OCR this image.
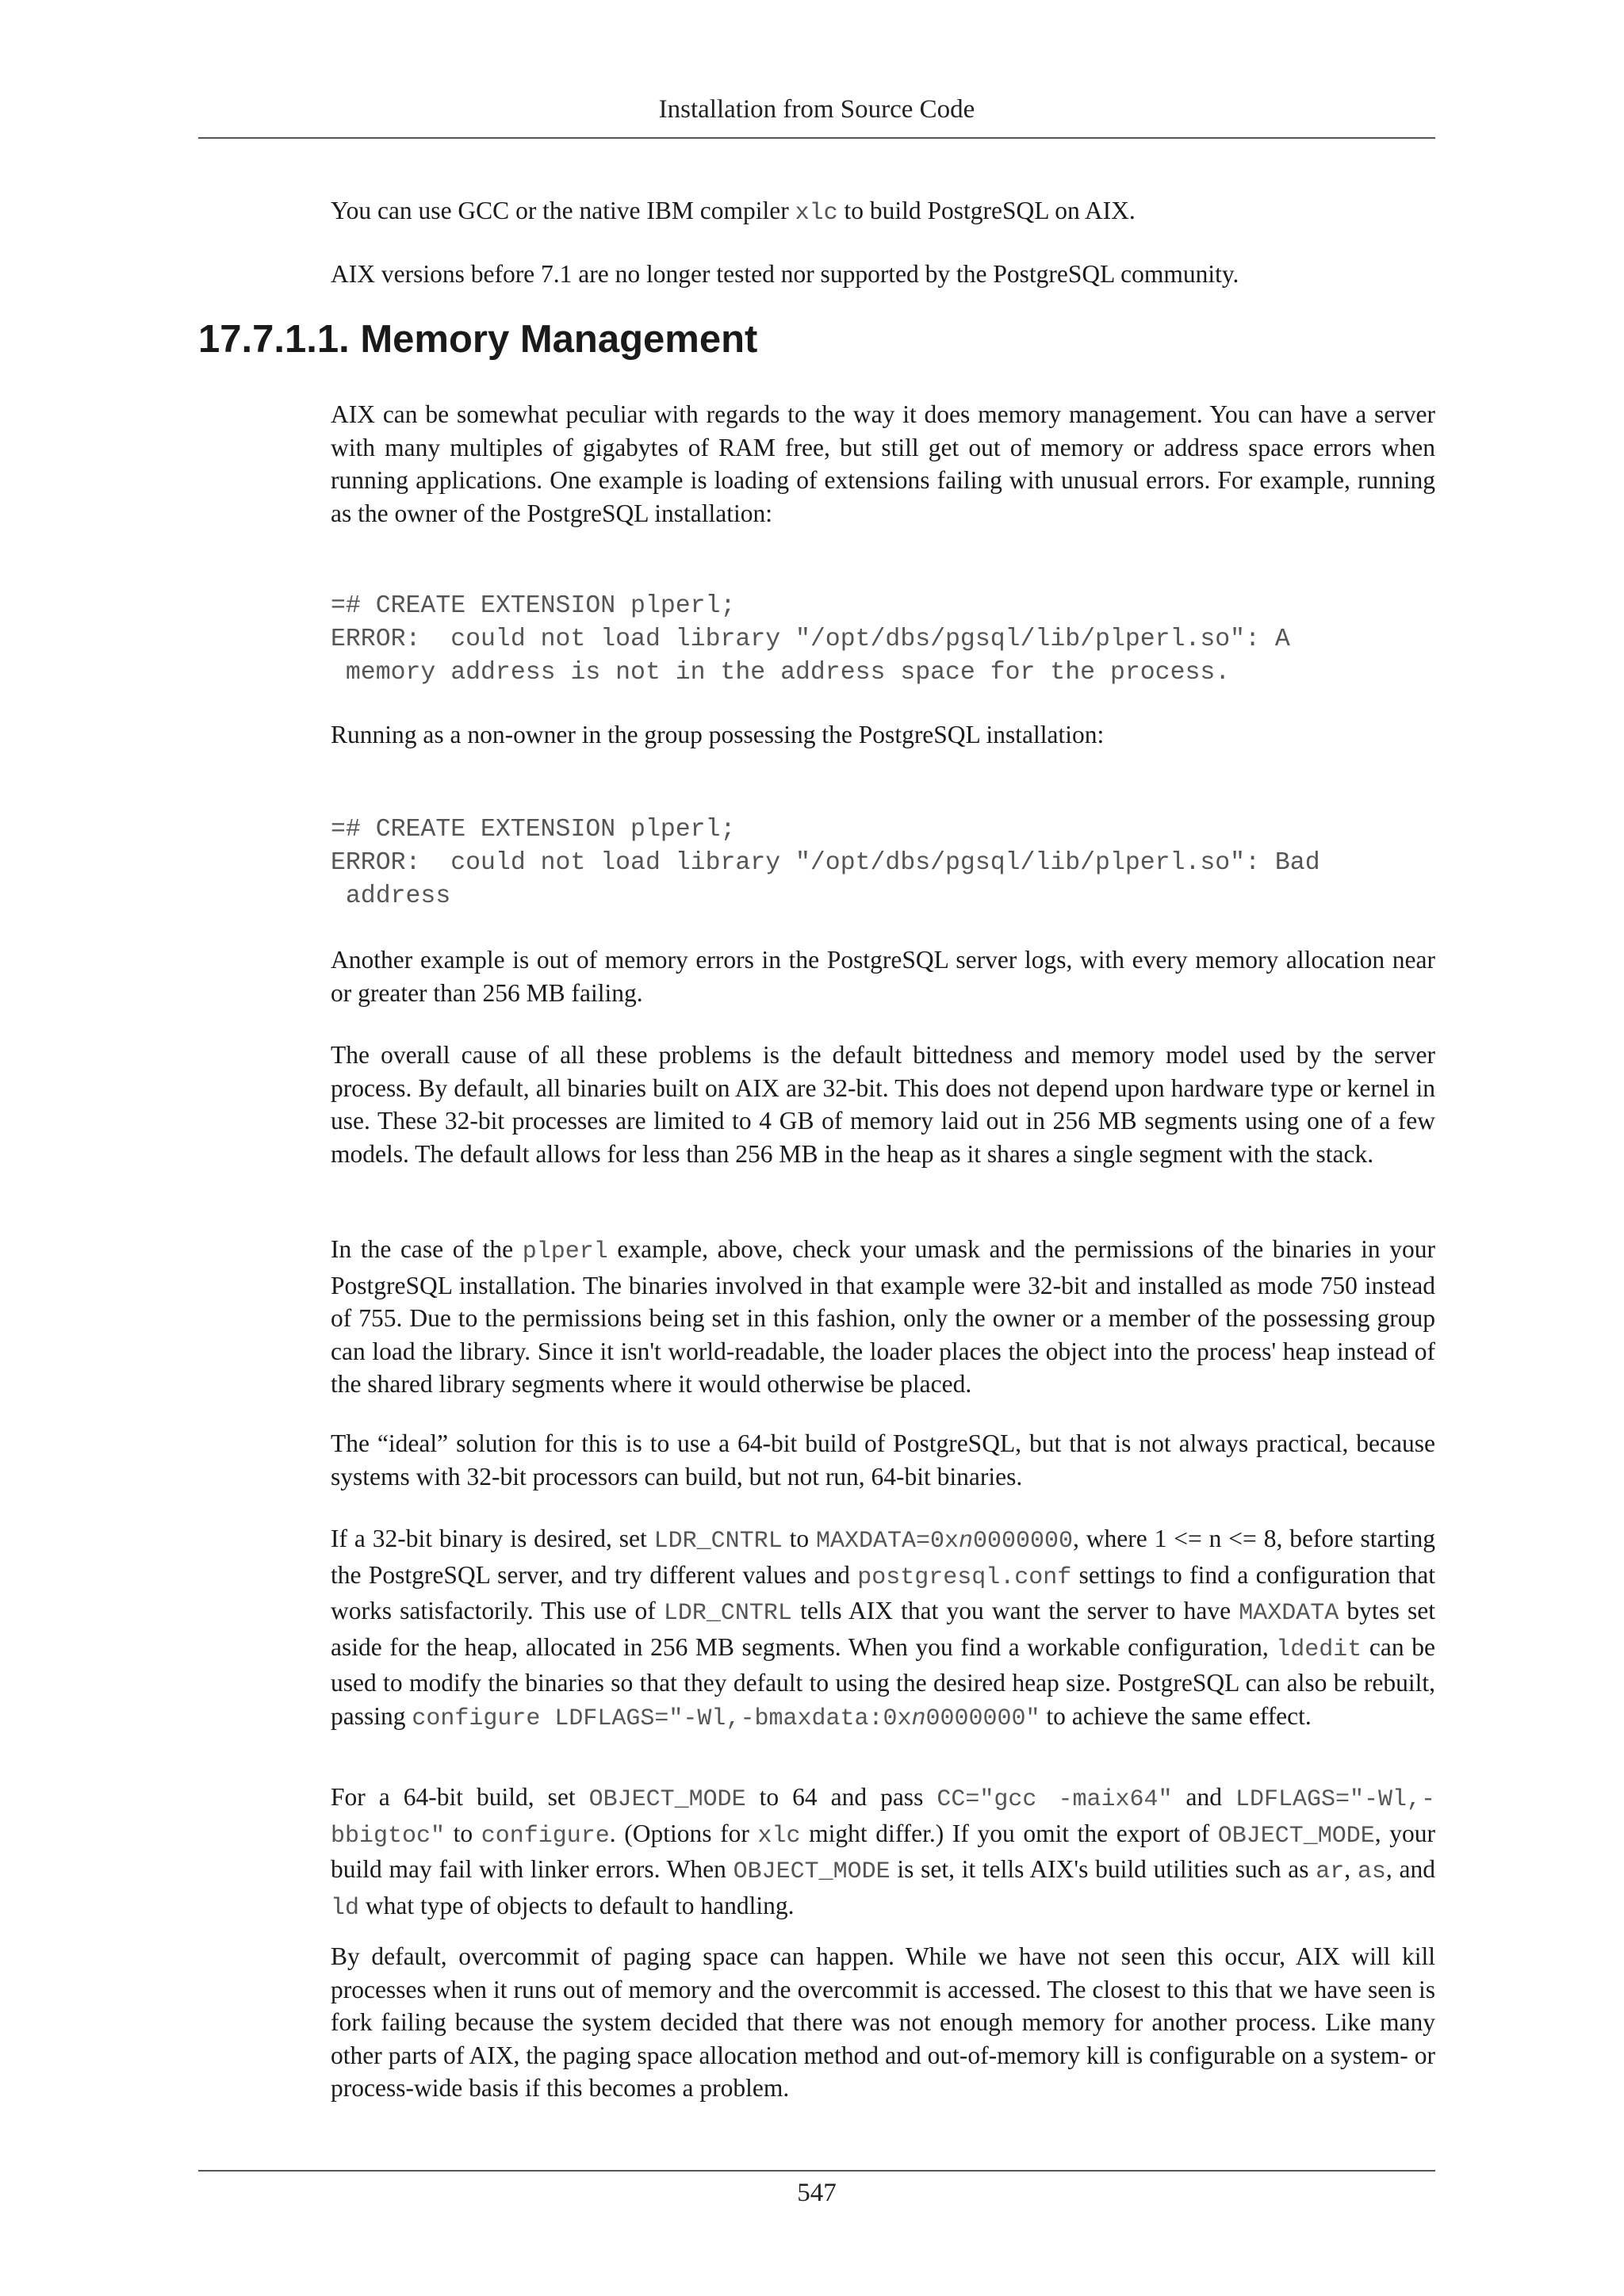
Installation from Source Code

You can use GCC or the native IBM compiler xlc to build PostgreSQL on AIX.

AIX versions before 7.1 are no longer tested nor supported by the PostgreSQL community.

AIX can be somewhat peculiar with regards to the way it does memory management. You can have a server with many multiples of gigabytes of RAM free, but still get out of memory or address space errors when running applications. One example is loading of extensions failing with unusual errors. For example, running as the owner of the PostgreSQL installation:

=# CREATE EXTENSION plperl;
ERROR:  could not load library "/opt/dbs/pgsql/lib/plperl.so": A
memory address is not in the address space for the process.

Running as a non-owner in the group possessing the PostgreSQL installation:

=# CREATE EXTENSION plperl;
ERROR:  could not load library "/opt/dbs/pgsql/lib/plperl.so": Bad
address

Another example is out of memory errors in the PostgreSQL server logs, with every memory allocation near or greater than 256 MB failing.

The overall cause of all these problems is the default bittedness and memory model used by the server process. By default, all binaries built on AIX are 32-bit. This does not depend upon hardware type or kernel in use. These 32-bit processes are limited to 4 GB of memory laid out in 256 MB segments using one of a few models. The default allows for less than 256 MB in the heap as it shares a single segment with the stack.

In the case of the plperl example, above, check your umask and the permissions of the binaries in your PostgreSQL installation. The binaries involved in that example were 32-bit and installed as mode 750 instead of 755. Due to the permissions being set in this fashion, only the owner or a member of the possessing group can load the library. Since it isn't world-readable, the loader places the object into the process' heap instead of the shared library segments where it would otherwise be placed.

The “ideal” solution for this is to use a 64-bit build of PostgreSQL, but that is not always practical, because systems with 32-bit processors can build, but not run, 64-bit binaries.

If a 32-bit binary is desired, set LDR_CNTRL to MAXDATA=0xn0000000, where 1 <= n <= 8, before starting the PostgreSQL server, and try different values and postgresql.conf settings to find a configuration that works satisfactorily. This use of LDR_CNTRL tells AIX that you want the server to have MAXDATA bytes set aside for the heap, allocated in 256 MB segments. When you find a workable configuration, ldedit can be used to modify the binaries so that they default to using the desired heap size. PostgreSQL can also be rebuilt, passing configure LDFLAGS="-Wl,-bmaxdata:0xn0000000" to achieve the same effect.

For a 64-bit build, set OBJECT_MODE to 64 and pass CC="gcc -maix64" and LDFLAGS="-Wl,-bbigtoc" to configure. (Options for xlc might differ.) If you omit the export of OBJECT_MODE, your build may fail with linker errors. When OBJECT_MODE is set, it tells AIX's build utilities such as ar, as, and ld what type of objects to default to handling.

By default, overcommit of paging space can happen. While we have not seen this occur, AIX will kill processes when it runs out of memory and the overcommit is accessed. The closest to this that we have seen is fork failing because the system decided that there was not enough memory for another process. Like many other parts of AIX, the paging space allocation method and out-of-memory kill is configurable on a system- or process-wide basis if this becomes a problem.

17.7.1.1. Memory Management
547
